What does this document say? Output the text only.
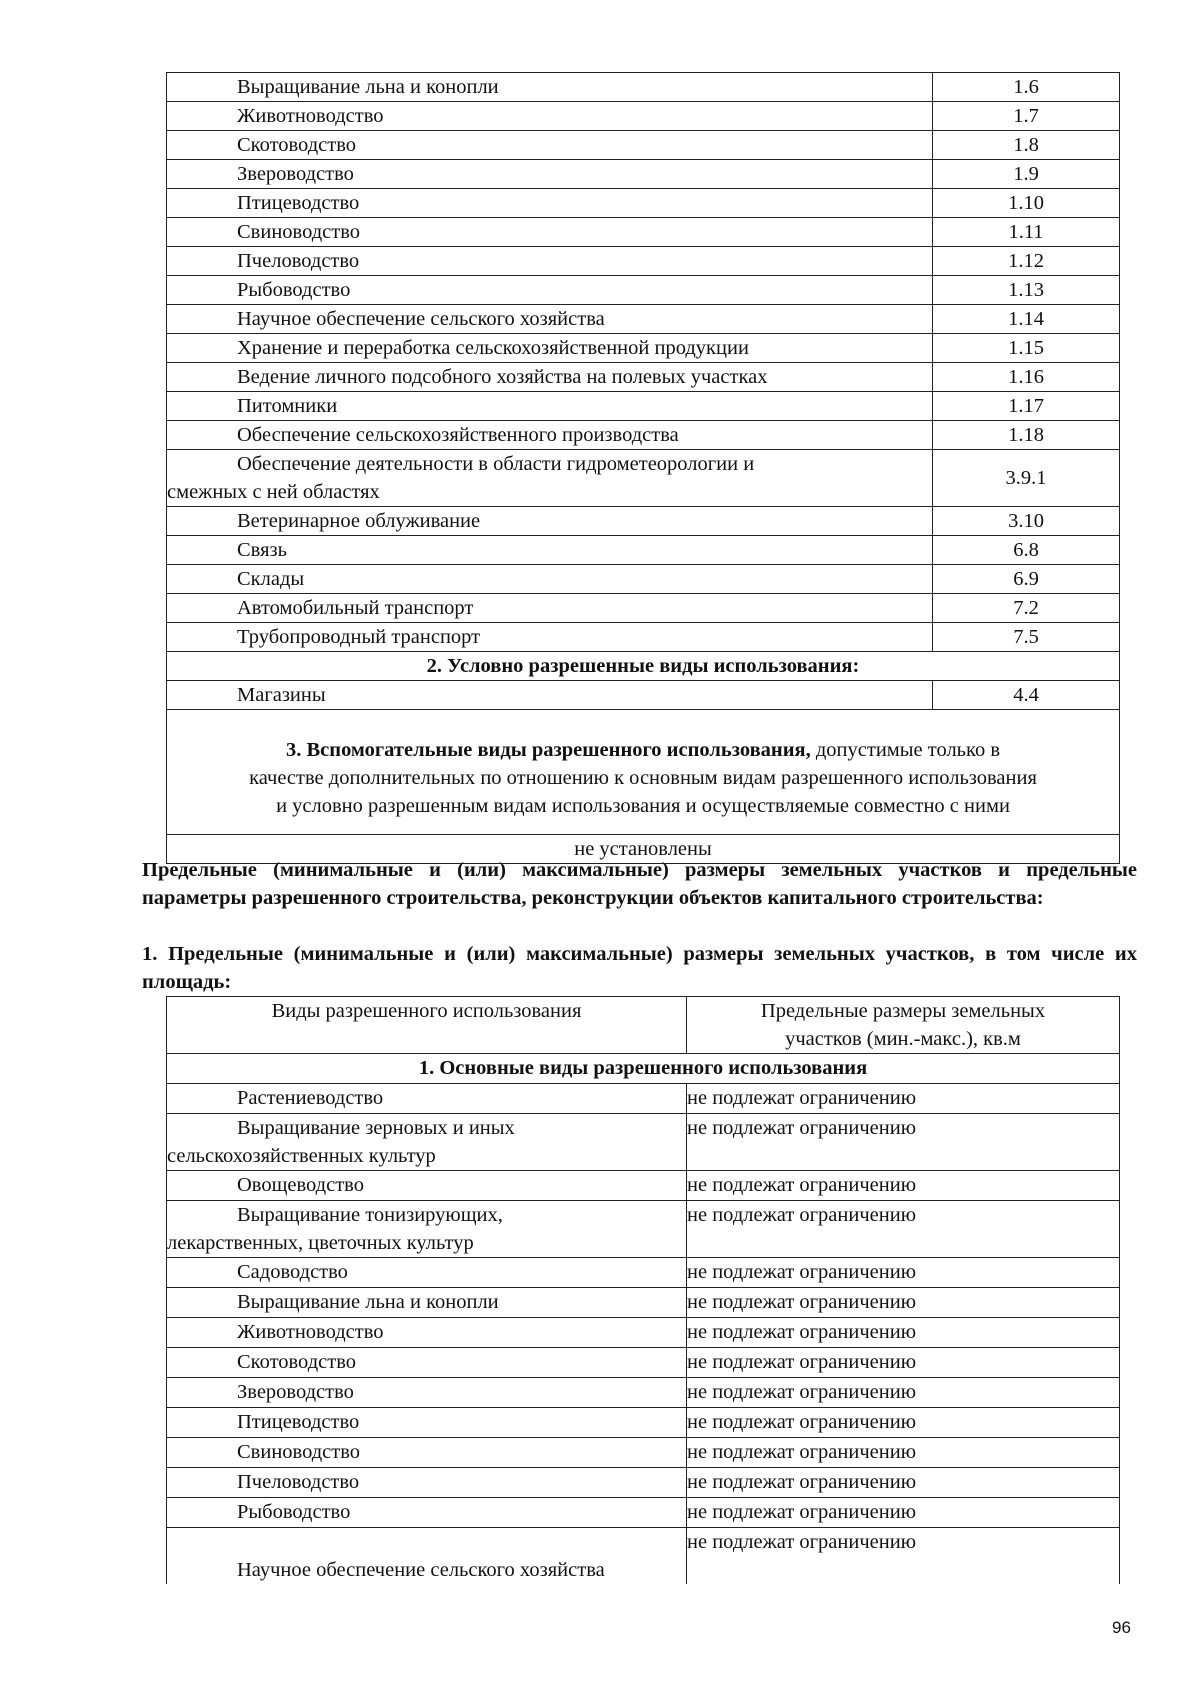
Выращивание льна и конопли	1.6
Животноводство	1.7
Скотоводство	1.8
Звероводство	1.9
Птицеводство	1.10
Свиноводство	1.11
Пчеловодство	1.12
Рыбоводство	1.13
Научное обеспечение сельского хозяйства	1.14
Хранение и переработка сельскохозяйственной продукции	1.15
Ведение личного подсобного хозяйства на полевых участках	1.16
Питомники	1.17
Обеспечение сельскохозяйственного производства	1.18

Обеспечение деятельности в области гидрометеорологии и
смежных с ней областях	3.9.1
Ветеринарное облуживание	3.10
Связь	6.8
Склады	6.9
Автомобильный транспорт	7.2
Трубопроводный транспорт	7.5
2. Условно разрешенные виды использования:	
Магазины	4.4
3. Вспомогательные виды разрешенного использования, допустимые только в
качестве дополнительных по отношению к основным видам разрешенного использования
и условно разрешенным видам использования и осуществляемые совместно с ними	
не установлены	
Предельные (минимальные и (или) максимальные) размеры земельных участков и предельные параметры разрешенного строительства, реконструкции объектов капитального строительства:
1. Предельные (минимальные и (или) максимальные) размеры земельных участков, в том числе их площадь:
Виды разрешенного использования	Предельные размеры земельных
участков (мин.-макс.), кв.м
1. Основные виды разрешенного использования	
Растениеводство	не подлежат ограничению

Выращивание зерновых и иных
сельскохозяйственных культур	не подлежат ограничению
Овощеводство	не подлежат ограничению

Выращивание тонизирующих,
лекарственных, цветочных культур	не подлежат ограничению
Садоводство	не подлежат ограничению
Выращивание льна и конопли	не подлежат ограничению
Животноводство	не подлежат ограничению
Скотоводство	не подлежат ограничению
Звероводство	не подлежат ограничению
Птицеводство	не подлежат ограничению
Свиноводство	не подлежат ограничению
Пчеловодство	не подлежат ограничению
Рыбоводство	не подлежат ограничению
Научное обеспечение сельского хозяйства	не подлежат ограничению
96
